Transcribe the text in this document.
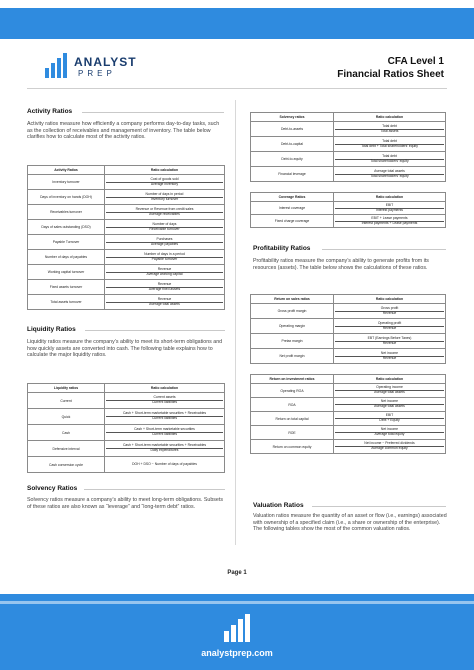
ANALYST
PREP
CFA Level 1
Financial Ratios Sheet
Activity Ratios
Activity ratios measure how efficiently a company performs day-to-day tasks, such as the collection of receivables and management of inventory. The table below clarifies how to calculate most of the activity ratios.
Activity Ratios	Ratio calculation
Inventory turnover	Cost of goods sold
Average inventory

Days of inventory on hands (DOH)	Number of days in period
Inventory turnover

Receivables turnover	Revenue or Revenue from credit sales
Average receivables

Days of sales outstanding (DSO)	Number of days
Receivable turnover

Payable Turnover	Purchases
Average payables

Number of days of payables	Number of days in a period
Payable turnover

Working capital turnover	Revenue
Average working capital

Fixed assets turnover	Revenue
Average fixed assets

Total assets turnover	Revenue
Average total assets
Liquidity Ratios
Liquidity ratios measure the company’s ability to meet its short-term obligations and how quickly assets are converted into cash. The following table explains how to calculate the major liquidity ratios.
Liquidity ratios	Ratio calculation
Current	Current assets
Current liabilities

Quick	Cash + Short-term marketable securities + Receivables
Current liabilities

Cash	Cash + Short-term marketable securities
Current liabilities

Defensive interval	Cash + Short-term marketable securities + Receivables
Daily expenditures

Cash conversion cycle	DOH + DSO − Number of days of payables
Solvency Ratios
Solvency ratios measure a company’s ability to meet long-term obligations. Subsets of these ratios are also known as “leverage” and “long-term debt” ratios.
Solvency ratios	Ratio calculation
Debt-to-assets	Total debt
Total assets

Debt-to-capital	Total debt
Total debt + Total shareholders’ equity

Debt-to-equity	Total debt
Total shareholders’ equity

Financial leverage	Average total assets
Total shareholders’ equity
Coverage Ratios	Ratio calculation
Interest coverage	EBIT
Interest payments

Fixed charge coverage	EBIT + Lease payments
Interest payments + Lease payments
Profitability Ratios
Profitability ratios measure the company’s ability to generate profits from its resources (assets). The table below shows the calculations of these ratios.
Return on sales ratios	Ratio calculation
Gross profit margin	Gross profit
Revenue

Operating margin	Operating profit
Revenue

Pretax margin	EBT (Earnings Before Taxes)
Revenue

Net profit margin	Net income
Revenue
Return on investment ratios	Ratio calculation
Operating ROA	Operating income
Average total assets

ROA	Net income
Average total assets

Return on total capital	EBIT
Debt + Equity

ROE	Net income
Average total equity

Return on common equity	Net income − Preferred dividends
Average common equity
Valuation Ratios
Valuation ratios measure the quantity of an asset or flow (i.e., earnings) associated with ownership of a specified claim (i.e., a share or ownership of the enterprise). The following tables show the most of the common valuation ratios.
Page 1
analystprep.com
